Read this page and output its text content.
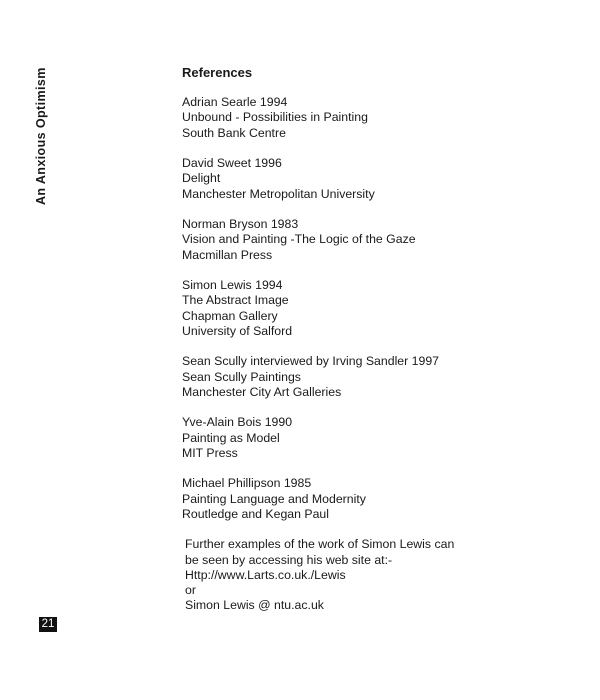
An Anxious Optimism	References
Adrian Searle 1994
Unbound - Possibilities in Painting
South Bank Centre
David Sweet 1996
Delight
Manchester Metropolitan University
Norman Bryson 1983
Vision and Painting -The Logic of the Gaze
Macmillan Press
Simon Lewis 1994
The Abstract Image
Chapman Gallery
University of Salford
Sean Scully interviewed by Irving Sandler 1997
Sean Scully Paintings
Manchester City Art Galleries
Yve-Alain Bois 1990
Painting as Model
MIT Press
Michael Phillipson 1985
Painting Language and Modernity
Routledge and Kegan Paul
Further examples of the work of Simon Lewis can
be seen by accessing his web site at:-
Http://www.Larts.co.uk./Lewis
or
Simon Lewis @ ntu.ac.uk
21
